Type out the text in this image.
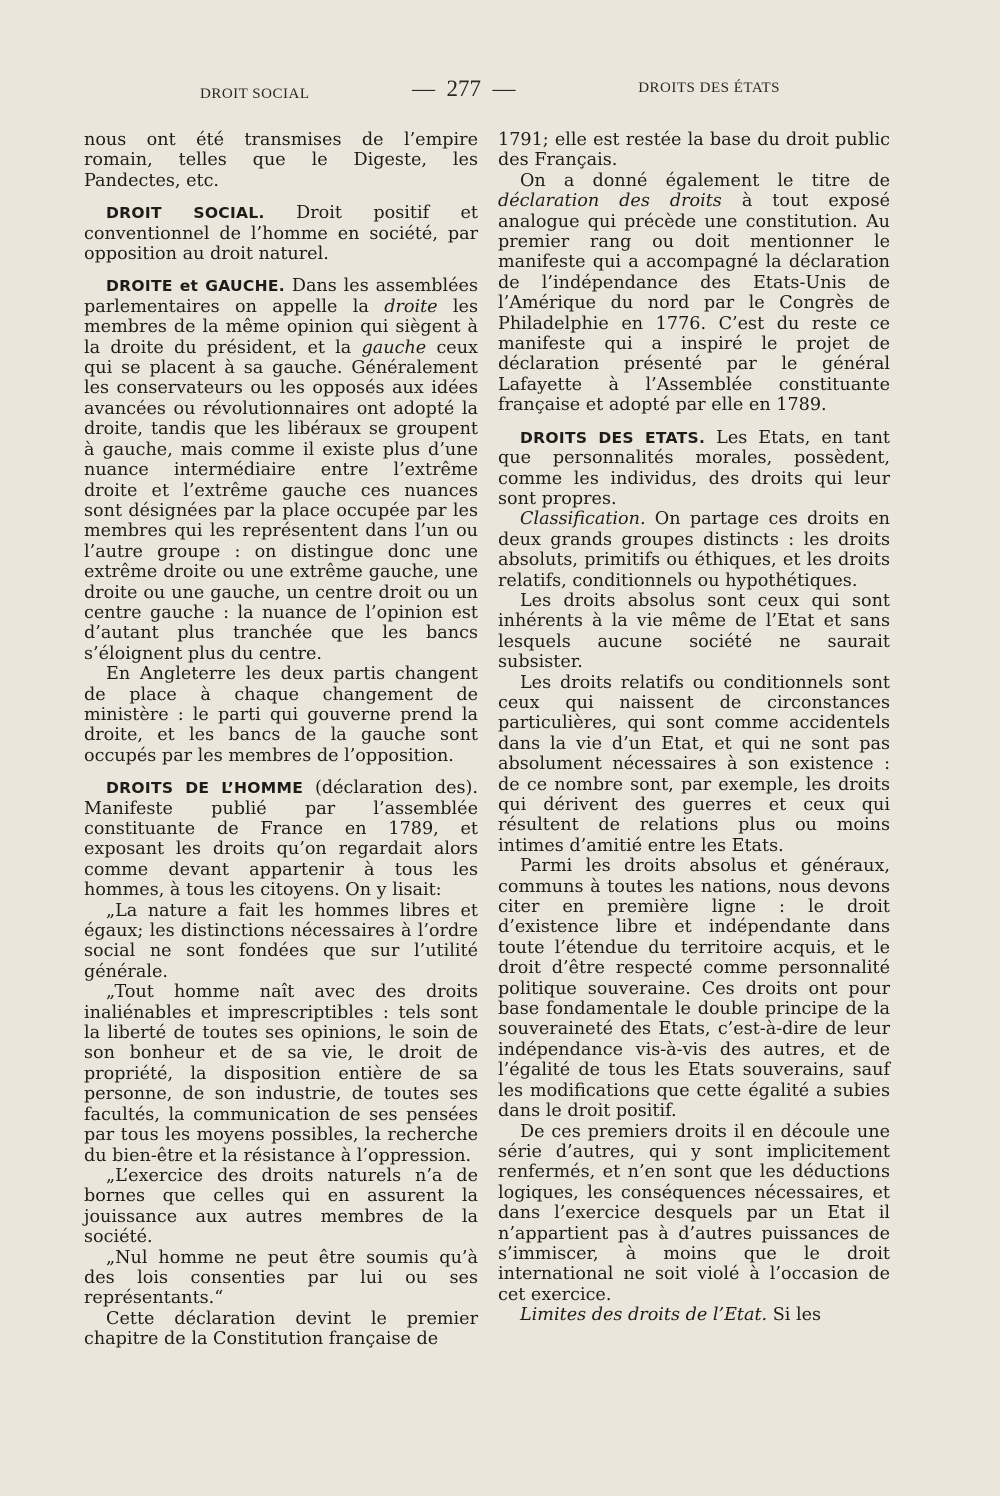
DROIT SOCIAL	—  277  —	DROITS DES ÉTATS

nous ont été transmises de l’empire romain, telles que le Digeste, les Pandectes, etc.

DROIT SOCIAL. Droit positif et conventionnel de l’homme en société, par opposition au droit naturel.

DROITE et GAUCHE. Dans les assemblées parlementaires on appelle la droite les membres de la même opinion qui siègent à la droite du président, et la gauche ceux qui se placent à sa gauche. Généralement les conservateurs ou les opposés aux idées avancées ou révolutionnaires ont adopté la droite, tandis que les libéraux se groupent à gauche, mais comme il existe plus d’une nuance intermédiaire entre l’extrême droite et l’extrême gauche ces nuances sont désignées par la place occupée par les membres qui les représentent dans l’un ou l’autre groupe : on distingue donc une extrême droite ou une extrême gauche, une droite ou une gauche, un centre droit ou un centre gauche : la nuance de l’opinion est d’autant plus tranchée que les bancs s’éloignent plus du centre.

En Angleterre les deux partis changent de place à chaque changement de ministère : le parti qui gouverne prend la droite, et les bancs de la gauche sont occupés par les membres de l’opposition.

DROITS DE L’HOMME (déclaration des). Manifeste publié par l’assemblée constituante de France en 1789, et exposant les droits qu’on regardait alors comme devant appartenir à tous les hommes, à tous les citoyens. On y lisait:

„La nature a fait les hommes libres et égaux; les distinctions nécessaires à l’ordre social ne sont fondées que sur l’utilité générale.

„Tout homme naît avec des droits inaliénables et imprescriptibles : tels sont la liberté de toutes ses opinions, le soin de son bonheur et de sa vie, le droit de propriété, la disposition entière de sa personne, de son industrie, de toutes ses facultés, la communication de ses pensées par tous les moyens possibles, la recherche du bien-être et la résistance à l’oppression.

„L’exercice des droits naturels n’a de bornes que celles qui en assurent la jouissance aux autres membres de la société.

„Nul homme ne peut être soumis qu’à des lois consenties par lui ou ses représentants.“

Cette déclaration devint le premier chapitre de la Constitution française de

1791; elle est restée la base du droit public des Français.

On a donné également le titre de déclaration des droits à tout exposé analogue qui précède une constitution. Au premier rang ou doit mentionner le manifeste qui a accompagné la déclaration de l’indépendance des Etats-Unis de l’Amérique du nord par le Congrès de Philadelphie en 1776. C’est du reste ce manifeste qui a inspiré le projet de déclaration présenté par le général Lafayette à l’Assemblée constituante française et adopté par elle en 1789.

DROITS DES ETATS. Les Etats, en tant que personnalités morales, possèdent, comme les individus, des droits qui leur sont propres.

Classification. On partage ces droits en deux grands groupes distincts : les droits absoluts, primitifs ou éthiques, et les droits relatifs, conditionnels ou hypothétiques.

Les droits absolus sont ceux qui sont inhérents à la vie même de l’Etat et sans lesquels aucune société ne saurait subsister.

Les droits relatifs ou conditionnels sont ceux qui naissent de circonstances particulières, qui sont comme accidentels dans la vie d’un Etat, et qui ne sont pas absolument nécessaires à son existence : de ce nombre sont, par exemple, les droits qui dérivent des guerres et ceux qui résultent de relations plus ou moins intimes d’amitié entre les Etats.

Parmi les droits absolus et généraux, communs à toutes les nations, nous devons citer en première ligne : le droit d’existence libre et indépendante dans toute l’étendue du territoire acquis, et le droit d’être respecté comme personnalité politique souveraine. Ces droits ont pour base fondamentale le double principe de la souveraineté des Etats, c’est-à-dire de leur indépendance vis-à-vis des autres, et de l’égalité de tous les Etats souverains, sauf les modifications que cette égalité a subies dans le droit positif.

De ces premiers droits il en découle une série d’autres, qui y sont implicitement renfermés, et n’en sont que les déductions logiques, les conséquences nécessaires, et dans l’exercice desquels par un Etat il n’appartient pas à d’autres puissances de s’immiscer, à moins que le droit international ne soit violé à l’occasion de cet exercice.

Limites des droits de l’Etat. Si les
